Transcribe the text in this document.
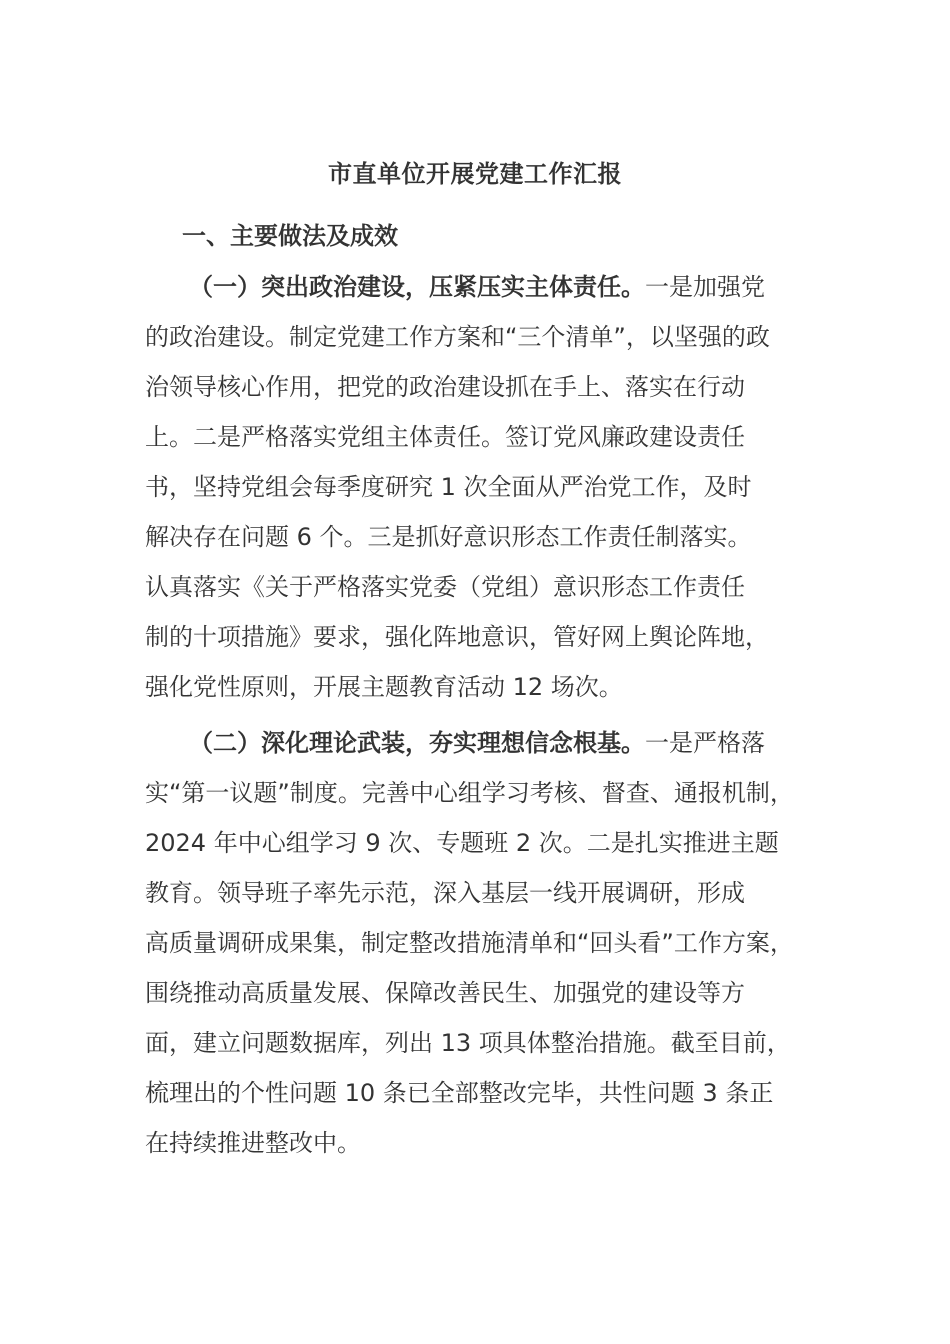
市直单位开展党建工作汇报
一、主要做法及成效
（一）突出政治建设，压紧压实主体责任。一是加强党
的政治建设。制定党建工作方案和“三个清单”，以坚强的政
治领导核心作用，把党的政治建设抓在手上、落实在行动
上。二是严格落实党组主体责任。签订党风廉政建设责任
书，坚持党组会每季度研究 1 次全面从严治党工作，及时
解决存在问题 6 个。三是抓好意识形态工作责任制落实。
认真落实《关于严格落实党委（党组）意识形态工作责任
制的十项措施》要求，强化阵地意识，管好网上舆论阵地，
强化党性原则，开展主题教育活动 12 场次。
（二）深化理论武装，夯实理想信念根基。一是严格落
实“第一议题”制度。完善中心组学习考核、督查、通报机制，
2024 年中心组学习 9 次、专题班 2 次。二是扎实推进主题
教育。领导班子率先示范，深入基层一线开展调研，形成
高质量调研成果集，制定整改措施清单和“回头看”工作方案，
围绕推动高质量发展、保障改善民生、加强党的建设等方
面，建立问题数据库，列出 13 项具体整治措施。截至目前，
梳理出的个性问题 10 条已全部整改完毕，共性问题 3 条正
在持续推进整改中。
